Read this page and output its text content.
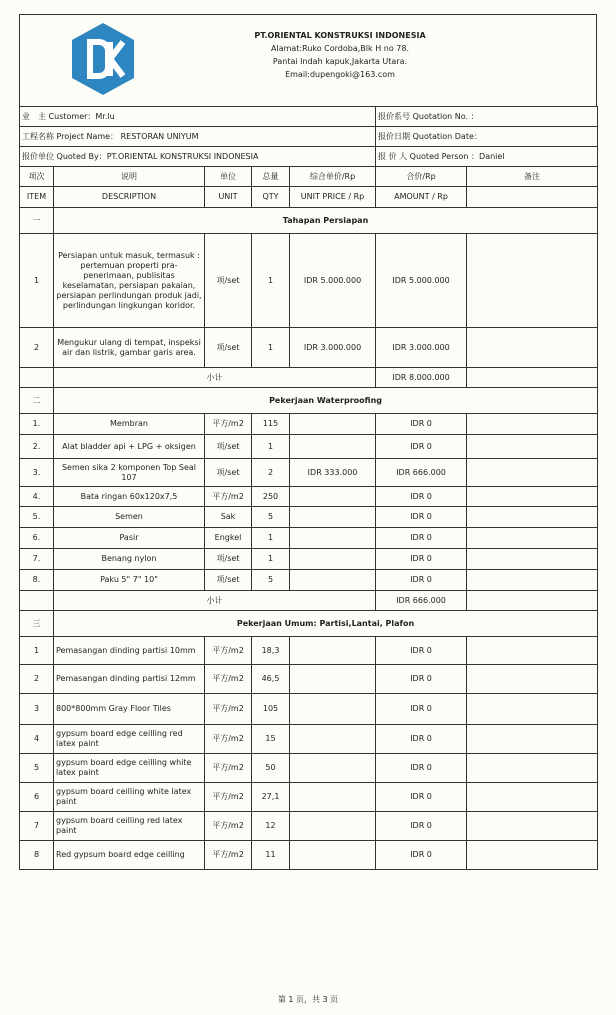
PT.ORIENTAL KONSTRUKSI INDONESIA
Alamat:Ruko Cordoba,Blk H no 78.
Pantai Indah kapuk,Jakarta Utara.
Email:dupengoki@163.com
业　主 Customer：Mr.lu					报价系号 Quotation No. ：	
工程名称 Project Name： RESTORAN UNIYUM					报价日期 Quotation Date：	
报价单位 Quoted By：PT.ORIENTAL KONSTRUKSI INDONESIA					报 价 人 Quoted Person ：Daniel	
项次	说明	单位	总量	综合单价/Rp	合价/Rp	备注
ITEM	DESCRIPTION	UNIT	QTY	UNIT PRICE / Rp	AMOUNT / Rp	
一	Tahapan Persiapan					
1	Persiapan untuk masuk, termasuk : pertemuan properti pra-penerimaan, publisitas keselamatan, persiapan pakaian, persiapan perlindungan produk jadi, perlindungan lingkungan koridor.	项/set	1	IDR 5.000.000	IDR 5.000.000	
2	Mengukur ulang di tempat, inspeksi air dan listrik, gambar garis area.	项/set	1	IDR 3.000.000	IDR 3.000.000	
	小计				IDR 8.000.000	
二	Pekerjaan Waterproofing					
1.	Membran	平方/m2	115		IDR 0	
2.	Alat bladder api + LPG + oksigen	项/set	1		IDR 0	
3.	Semen sika 2 komponen Top Seal 107	项/set	2	IDR 333.000	IDR 666.000	
4.	Bata ringan 60x120x7,5	平方/m2	250		IDR 0	
5.	Semen	Sak	5		IDR 0	
6.	Pasir	Engkel	1		IDR 0	
7.	Benang nylon	项/set	1		IDR 0	
8.	Paku 5" 7" 10"	项/set	5		IDR 0	
	小计				IDR 666.000	
三	Pekerjaan Umum: Partisi,Lantai, Plafon					
1	Pemasangan dinding partisi 10mm	平方/m2	18,3		IDR 0	
2	Pemasangan dinding partisi 12mm	平方/m2	46,5		IDR 0	
3	800*800mm Gray Floor Tiles	平方/m2	105		IDR 0	
4	gypsum board edge ceilling red latex paint	平方/m2	15		IDR 0	
5	gypsum board edge ceilling white latex paint	平方/m2	50		IDR 0	
6	gypsum board ceilling white latex paint	平方/m2	27,1		IDR 0	
7	gypsum board ceilling red latex paint	平方/m2	12		IDR 0	
8	Red gypsum board edge ceilling	平方/m2	11		IDR 0	
第 1 页，共 3 页
